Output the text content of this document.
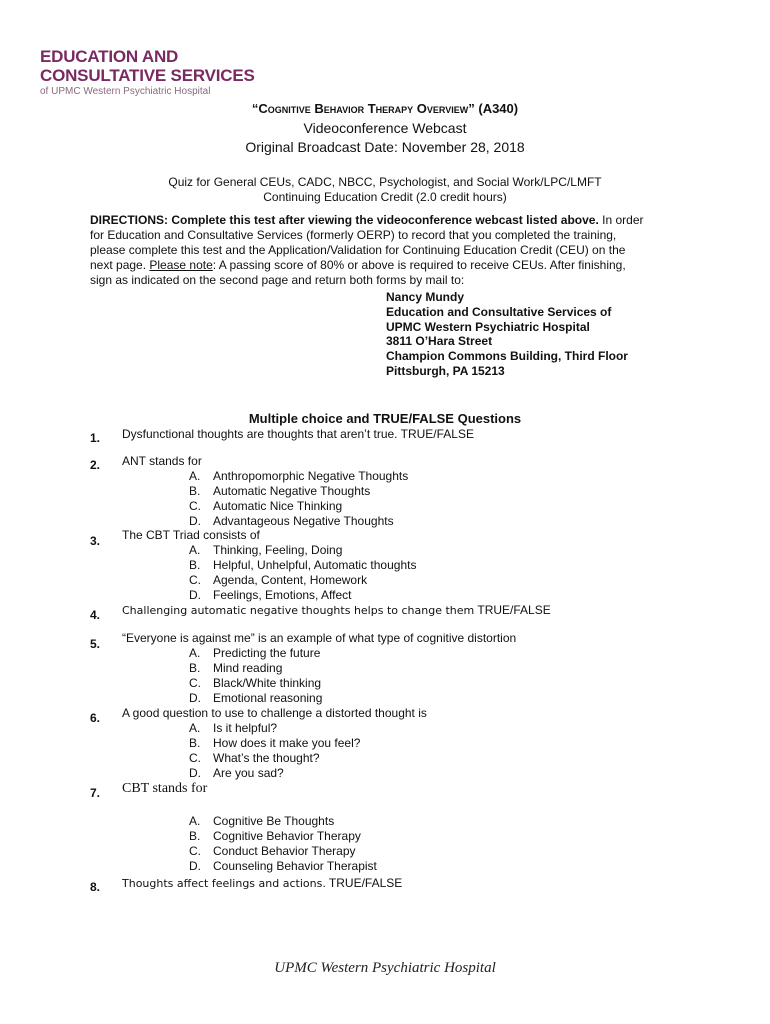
EDUCATION AND
CONSULTATIVE SERVICES
of UPMC Western Psychiatric Hospital
“Cognitive Behavior Therapy Overview” (A340)
Videoconference Webcast
Original Broadcast Date: November 28, 2018
Quiz for General CEUs, CADC, NBCC, Psychologist, and Social Work/LPC/LMFT
Continuing Education Credit (2.0 credit hours)
DIRECTIONS: Complete this test after viewing the videoconference webcast listed above. In order
for Education and Consultative Services (formerly OERP) to record that you completed the training,
please complete this test and the Application/Validation for Continuing Education Credit (CEU) on the
next page. Please note: A passing score of 80% or above is required to receive CEUs. After finishing,
sign as indicated on the second page and return both forms by mail to:
Nancy Mundy
Education and Consultative Services of
UPMC Western Psychiatric Hospital
3811 O’Hara Street
Champion Commons Building, Third Floor
Pittsburgh, PA 15213
Multiple choice and TRUE/FALSE Questions
1. Dysfunctional thoughts are thoughts that aren’t true. TRUE/FALSE
2. ANT stands for
A. Anthropomorphic Negative Thoughts
B. Automatic Negative Thoughts
C. Automatic Nice Thinking
D. Advantageous Negative Thoughts
3. The CBT Triad consists of
A. Thinking, Feeling, Doing
B. Helpful, Unhelpful, Automatic thoughts
C. Agenda, Content, Homework
D. Feelings, Emotions, Affect
4. Challenging automatic negative thoughts helps to change them TRUE/FALSE
5. “Everyone is against me” is an example of what type of cognitive distortion
A. Predicting the future
B. Mind reading
C. Black/White thinking
D. Emotional reasoning
6. A good question to use to challenge a distorted thought is
A. Is it helpful?
B. How does it make you feel?
C. What’s the thought?
D. Are you sad?
7. CBT stands for
A. Cognitive Be Thoughts
B. Cognitive Behavior Therapy
C. Conduct Behavior Therapy
D. Counseling Behavior Therapist
8. Thoughts affect feelings and actions. TRUE/FALSE
UPMC Western Psychiatric Hospital
